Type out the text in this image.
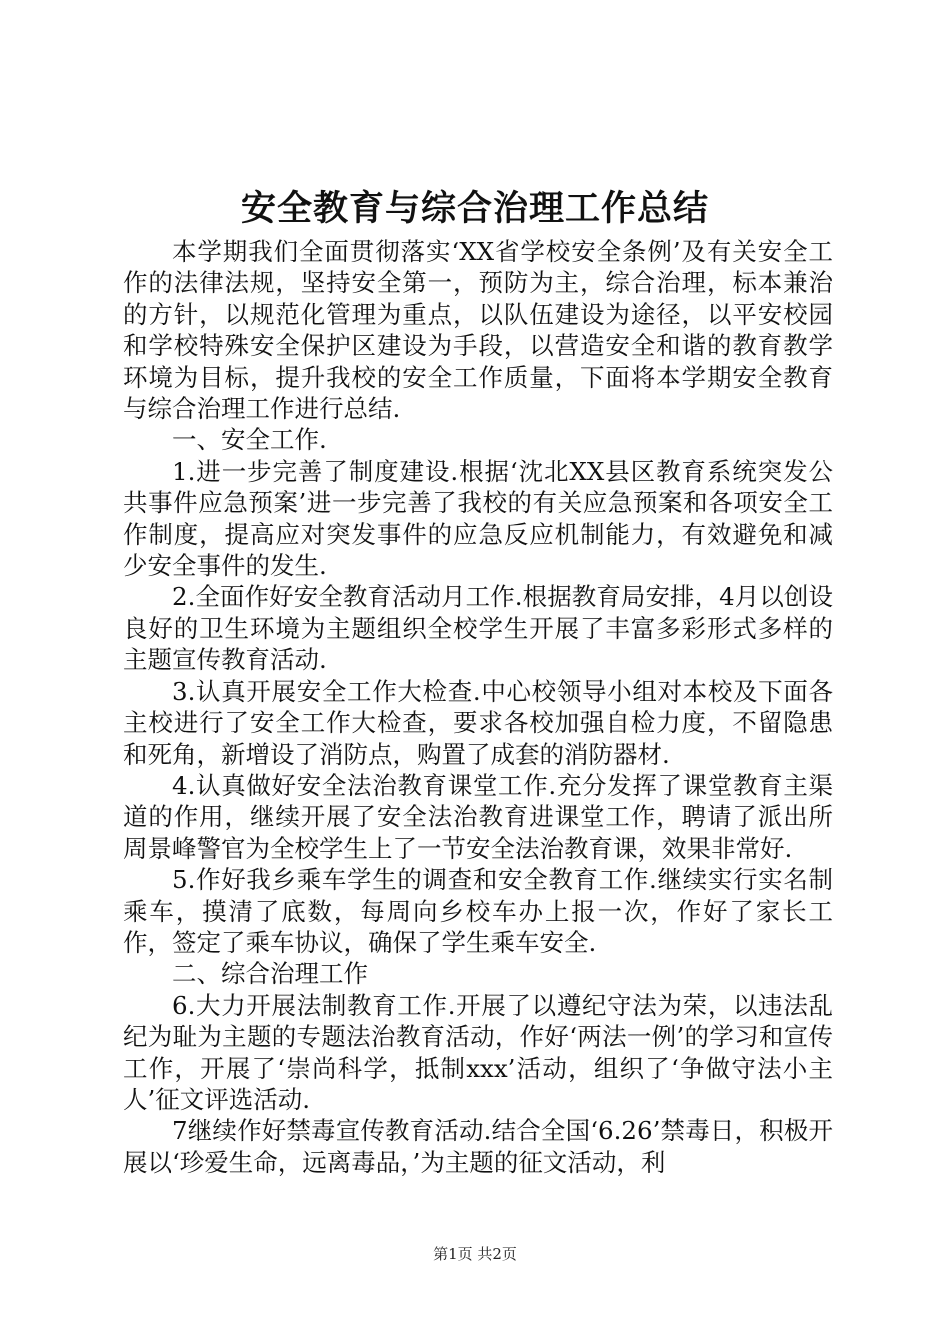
安全教育与综合治理工作总结

本学期我们全面贯彻落实‘XX省学校安全条例’及有关安全工作的法律法规，坚持安全第一，预防为主，综合治理，标本兼治的方针，以规范化管理为重点，以队伍建设为途径，以平安校园和学校特殊安全保护区建设为手段，以营造安全和谐的教育教学环境为目标，提升我校的安全工作质量，下面将本学期安全教育与综合治理工作进行总结.

一、安全工作.

1.进一步完善了制度建设.根据‘沈北XX县区教育系统突发公共事件应急预案’进一步完善了我校的有关应急预案和各项安全工作制度，提高应对突发事件的应急反应机制能力，有效避免和减少安全事件的发生.

2.全面作好安全教育活动月工作.根据教育局安排，4月以创设良好的卫生环境为主题组织全校学生开展了丰富多彩形式多样的主题宣传教育活动.

3.认真开展安全工作大检查.中心校领导小组对本校及下面各主校进行了安全工作大检查，要求各校加强自检力度，不留隐患和死角，新增设了消防点，购置了成套的消防器材.

4.认真做好安全法治教育课堂工作.充分发挥了课堂教育主渠道的作用，继续开展了安全法治教育进课堂工作，聘请了派出所周景峰警官为全校学生上了一节安全法治教育课，效果非常好.

5.作好我乡乘车学生的调查和安全教育工作.继续实行实名制乘车，摸清了底数，每周向乡校车办上报一次，作好了家长工作，签定了乘车协议，确保了学生乘车安全.

二、综合治理工作

6.大力开展法制教育工作.开展了以遵纪守法为荣，以违法乱纪为耻为主题的专题法治教育活动，作好‘两法一例’的学习和宣传工作，开展了‘崇尚科学，抵制xxx’活动，组织了‘争做守法小主人’征文评选活动.

7继续作好禁毒宣传教育活动.结合全国‘6.26’禁毒日，积极开展以‘珍爱生命，远离毒品，’为主题的征文活动，利

第1页 共2页
